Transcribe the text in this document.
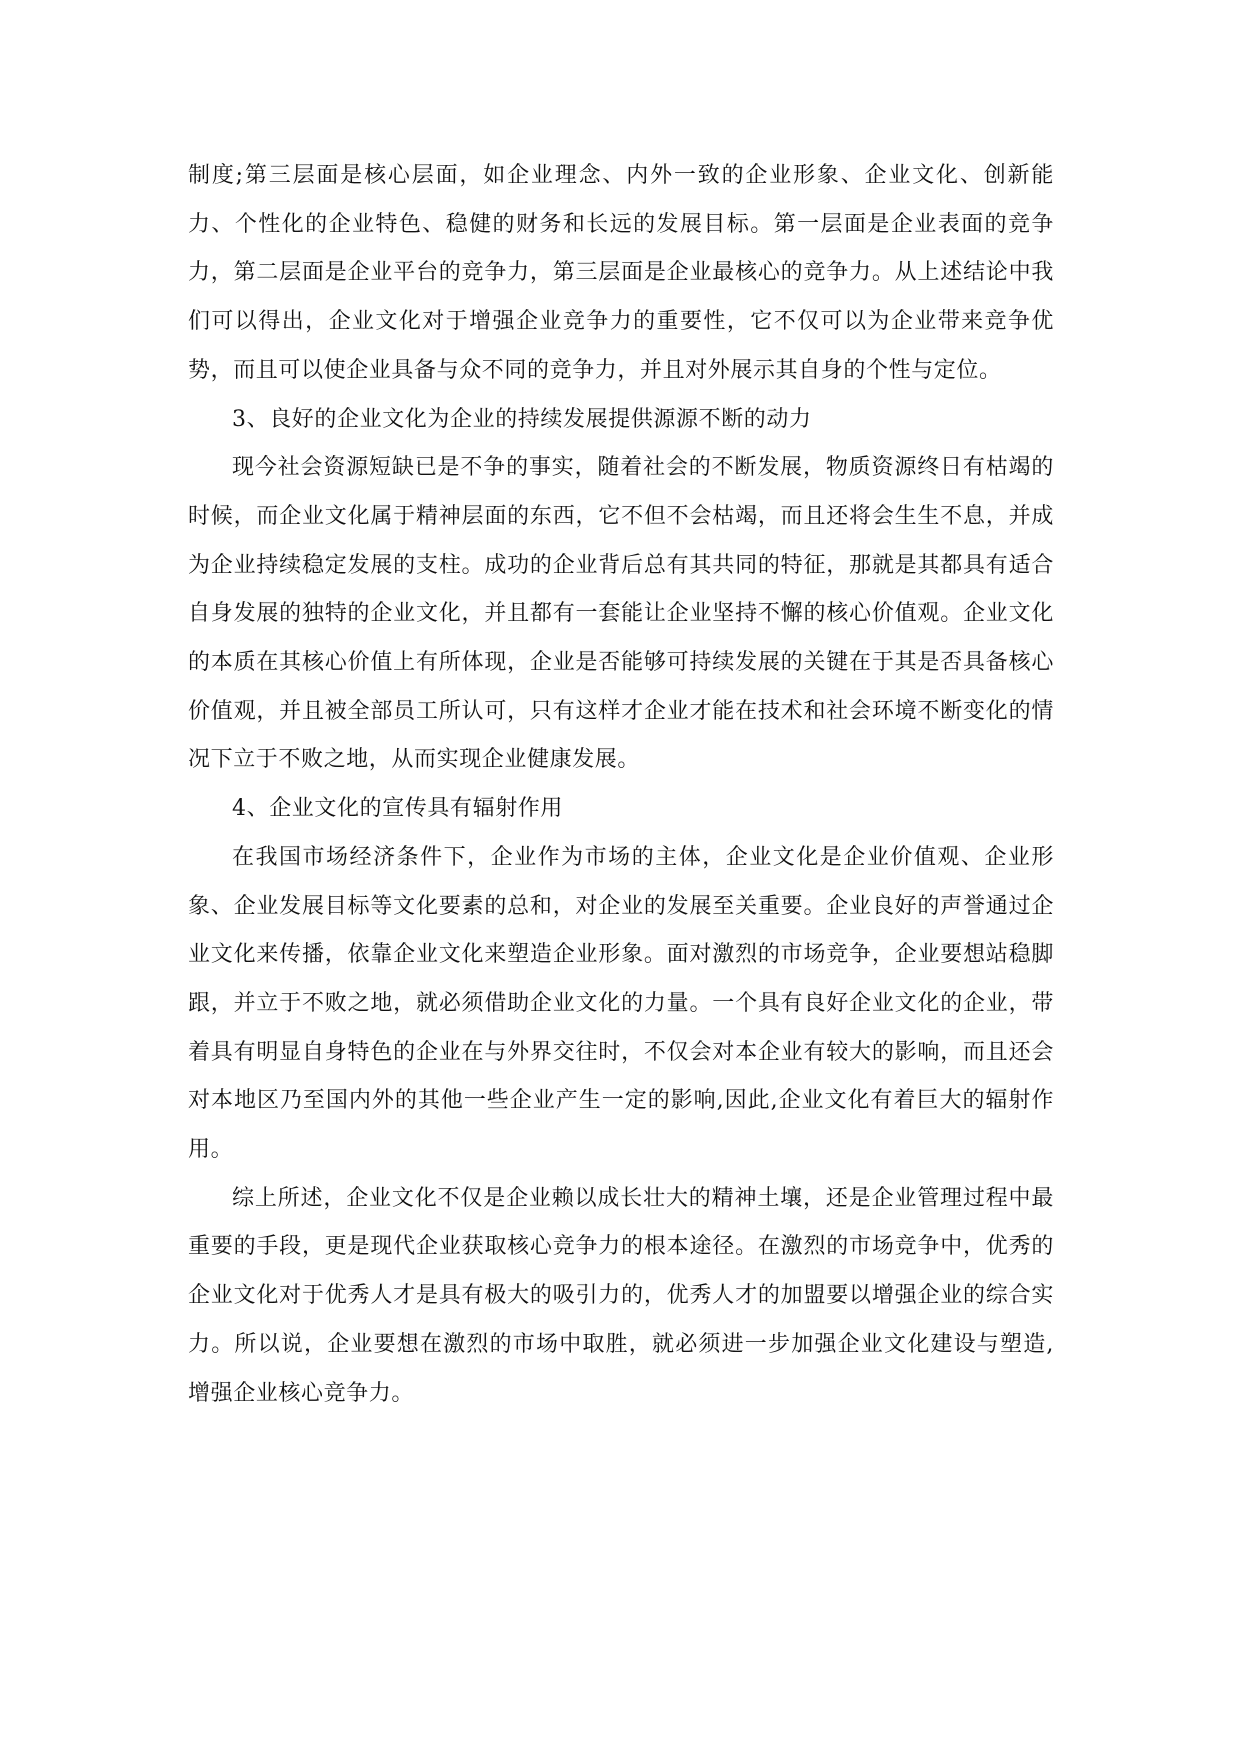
制度;第三层面是核心层面，如企业理念、内外一致的企业形象、企业文化、创新能力、个性化的企业特色、稳健的财务和长远的发展目标。第一层面是企业表面的竞争力，第二层面是企业平台的竞争力，第三层面是企业最核心的竞争力。从上述结论中我们可以得出，企业文化对于增强企业竞争力的重要性，它不仅可以为企业带来竞争优势，而且可以使企业具备与众不同的竞争力，并且对外展示其自身的个性与定位。

3、良好的企业文化为企业的持续发展提供源源不断的动力

现今社会资源短缺已是不争的事实，随着社会的不断发展，物质资源终日有枯竭的时候，而企业文化属于精神层面的东西，它不但不会枯竭，而且还将会生生不息，并成为企业持续稳定发展的支柱。成功的企业背后总有其共同的特征，那就是其都具有适合自身发展的独特的企业文化，并且都有一套能让企业坚持不懈的核心价值观。企业文化的本质在其核心价值上有所体现，企业是否能够可持续发展的关键在于其是否具备核心价值观，并且被全部员工所认可，只有这样才企业才能在技术和社会环境不断变化的情况下立于不败之地，从而实现企业健康发展。

4、企业文化的宣传具有辐射作用

在我国市场经济条件下，企业作为市场的主体，企业文化是企业价值观、企业形象、企业发展目标等文化要素的总和，对企业的发展至关重要。企业良好的声誉通过企业文化来传播，依靠企业文化来塑造企业形象。面对激烈的市场竞争，企业要想站稳脚跟，并立于不败之地，就必须借助企业文化的力量。一个具有良好企业文化的企业，带着具有明显自身特色的企业在与外界交往时，不仅会对本企业有较大的影响，而且还会对本地区乃至国内外的其他一些企业产生一定的影响,因此,企业文化有着巨大的辐射作用。

综上所述，企业文化不仅是企业赖以成长壮大的精神土壤，还是企业管理过程中最重要的手段，更是现代企业获取核心竞争力的根本途径。在激烈的市场竞争中，优秀的企业文化对于优秀人才是具有极大的吸引力的，优秀人才的加盟要以增强企业的综合实力。所以说，企业要想在激烈的市场中取胜，就必须进一步加强企业文化建设与塑造,增强企业核心竞争力。
